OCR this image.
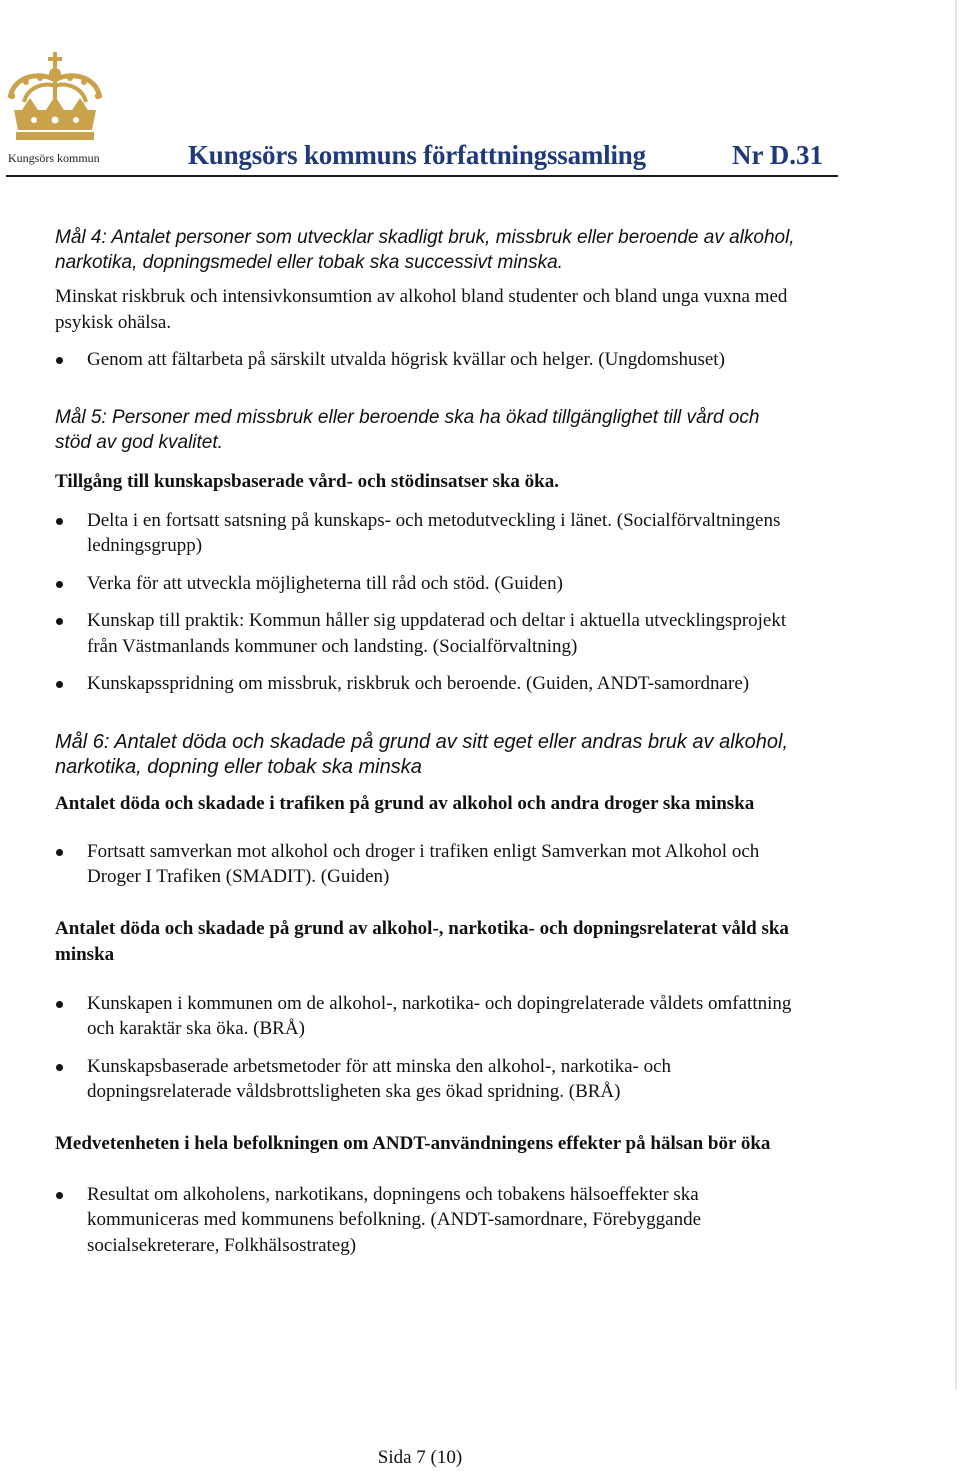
Kungsörs kommun	Kungsörs kommuns författningssamling	Nr D.31

Mål 4: Antalet personer som utvecklar skadligt bruk, missbruk eller beroende av alkohol, narkotika, dopningsmedel eller tobak ska successivt minska.

Minskat riskbruk och intensivkonsumtion av alkohol bland studenter och bland unga vuxna med psykisk ohälsa.

Genom att fältarbeta på särskilt utvalda högrisk kvällar och helger. (Ungdomshuset)

Mål 5: Personer med missbruk eller beroende ska ha ökad tillgänglighet till vård och stöd av god kvalitet.

Tillgång till kunskapsbaserade vård- och stödinsatser ska öka.

Delta i en fortsatt satsning på kunskaps- och metodutveckling i länet. (Socialförvaltningens ledningsgrupp)
Verka för att utveckla möjligheterna till råd och stöd. (Guiden)
Kunskap till praktik: Kommun håller sig uppdaterad och deltar i aktuella utvecklingsprojekt från Västmanlands kommuner och landsting. (Socialförvaltning)
Kunskapsspridning om missbruk, riskbruk och beroende. (Guiden, ANDT-samordnare)

Mål 6: Antalet döda och skadade på grund av sitt eget eller andras bruk av alkohol, narkotika, dopning eller tobak ska minska

Antalet döda och skadade i trafiken på grund av alkohol och andra droger ska minska

Fortsatt samverkan mot alkohol och droger i trafiken enligt Samverkan mot Alkohol och Droger I Trafiken (SMADIT). (Guiden)

Antalet döda och skadade på grund av alkohol-, narkotika- och dopningsrelaterat våld ska minska

Kunskapen i kommunen om de alkohol-, narkotika- och dopingrelaterade våldets omfattning och karaktär ska öka. (BRÅ)
Kunskapsbaserade arbetsmetoder för att minska den alkohol-, narkotika- och dopningsrelaterade våldsbrottsligheten ska ges ökad spridning. (BRÅ)

Medvetenheten i hela befolkningen om ANDT-användningens effekter på hälsan bör öka

Resultat om alkoholens, narkotikans, dopningens och tobakens hälsoeffekter ska kommuniceras med kommunens befolkning. (ANDT-samordnare, Förebyggande socialsekreterare, Folkhälsostrateg)
Sida 7 (10)
